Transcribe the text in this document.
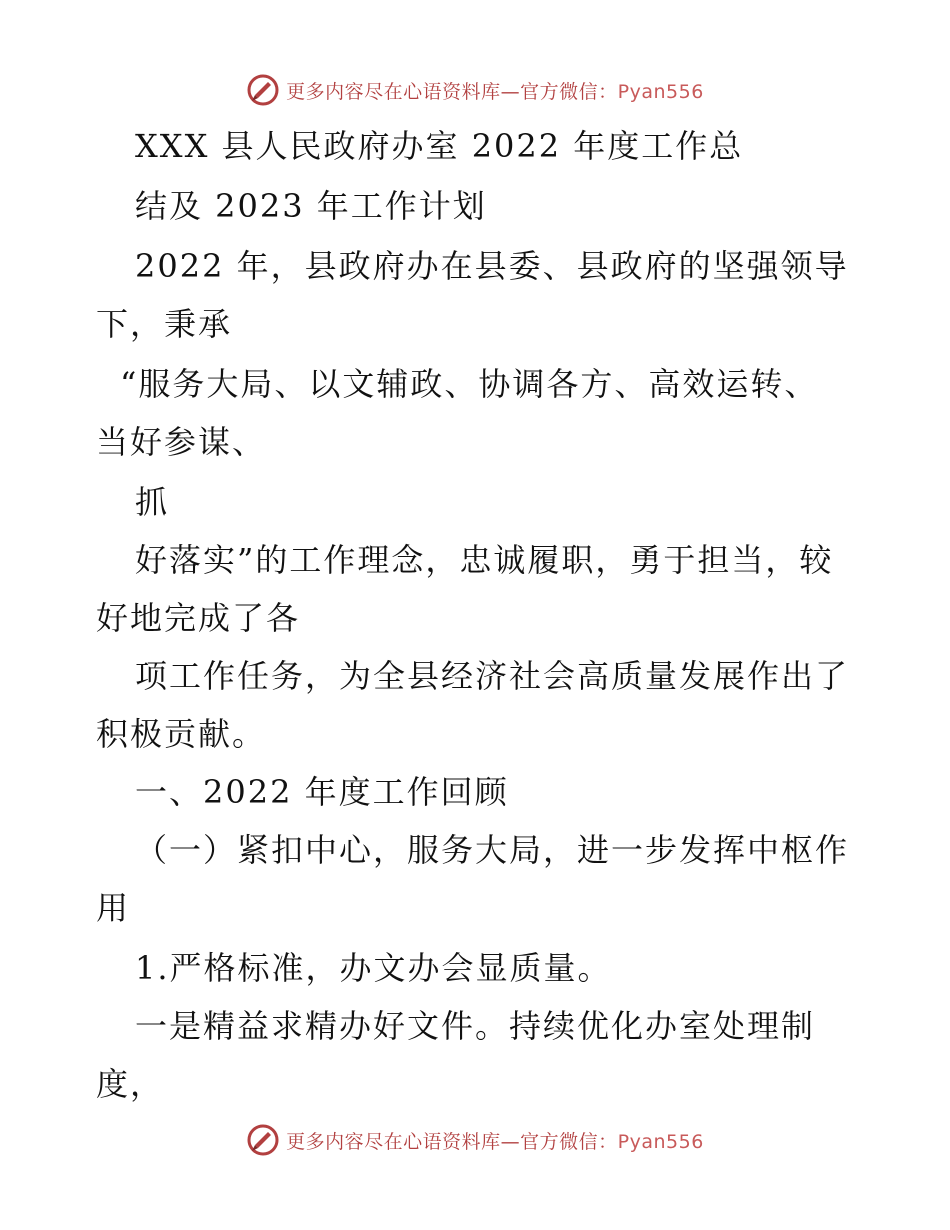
更多内容尽在心语资料库—官方微信：Pyan556
XXX 县人民政府办室 2022 年度工作总
结及 2023 年工作计划
2022 年，县政府办在县委、县政府的坚强领导
下，秉承
“服务大局、以文辅政、协调各方、高效运转、
当好参谋、
抓
好落实”的工作理念，忠诚履职，勇于担当，较
好地完成了各
项工作任务，为全县经济社会高质量发展作出了
积极贡献。
一、2022 年度工作回顾
（一）紧扣中心，服务大局，进一步发挥中枢作
用
1.严格标准，办文办会显质量。
一是精益求精办好文件。持续优化办室处理制
度，
更多内容尽在心语资料库—官方微信：Pyan556
